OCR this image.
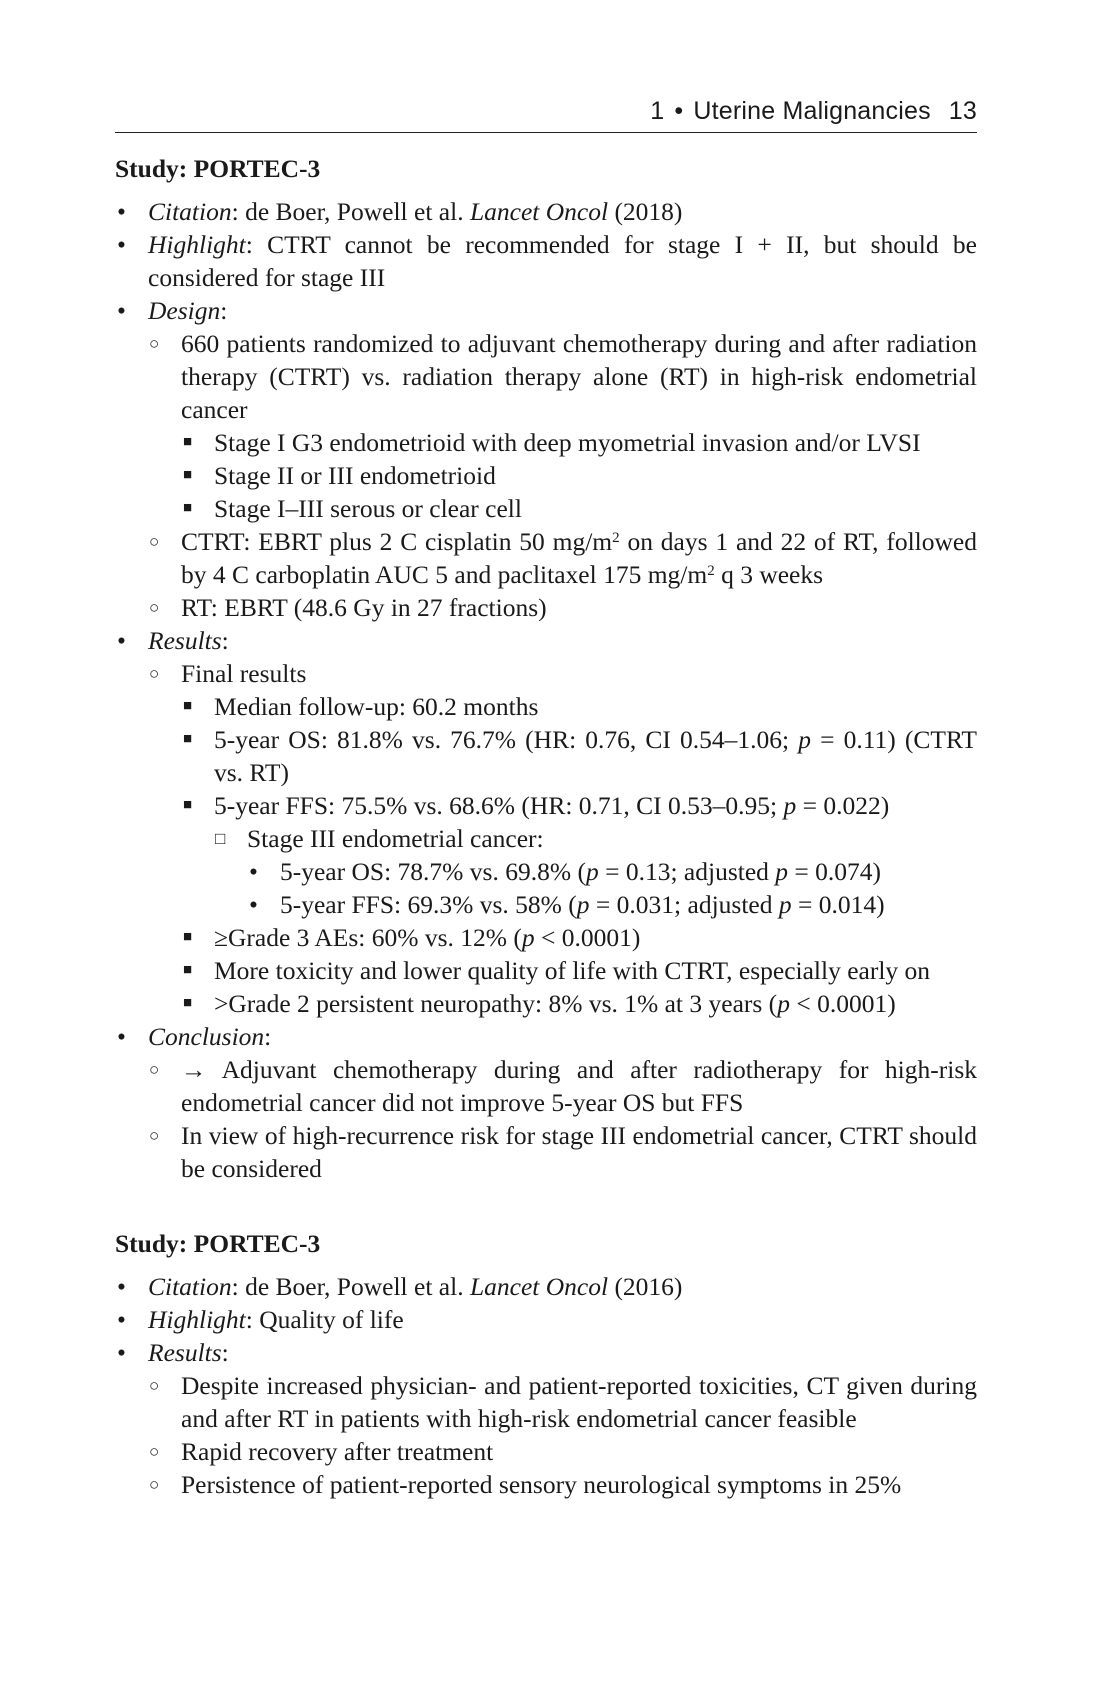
1 • Uterine Malignancies 13
Study: PORTEC-3
• Citation: de Boer, Powell et al. Lancet Oncol (2018)
• Highlight: CTRT cannot be recommended for stage I + II, but should be considered for stage III
• Design:
○ 660 patients randomized to adjuvant chemotherapy during and after radiation therapy (CTRT) vs. radiation therapy alone (RT) in high-risk endometrial cancer
■ Stage I G3 endometrioid with deep myometrial invasion and/or LVSI
■ Stage II or III endometrioid
■ Stage I–III serous or clear cell
○ CTRT: EBRT plus 2 C cisplatin 50 $mg/m^2$ on days 1 and 22 of RT, followed by 4 C carboplatin AUC 5 and paclitaxel 175 $mg/m^2$ q 3 weeks
○ RT: EBRT (48.6 Gy in 27 fractions)
• Results:
○ Final results
■ Median follow-up: 60.2 months
■ 5-year OS: 81.8% vs. 76.7% (HR: 0.76, CI 0.54–1.06; p = 0.11) (CTRT vs. RT)
■ 5-year FFS: 75.5% vs. 68.6% (HR: 0.71, CI 0.53–0.95; p = 0.022)
□ Stage III endometrial cancer:
• 5-year OS: 78.7% vs. 69.8% (p = 0.13; adjusted p = 0.074)
• 5-year FFS: 69.3% vs. 58% (p = 0.031; adjusted p = 0.014)
■ ≥Grade 3 AEs: 60% vs. 12% (p < 0.0001)
■ More toxicity and lower quality of life with CTRT, especially early on
■ >Grade 2 persistent neuropathy: 8% vs. 1% at 3 years (p < 0.0001)
• Conclusion:
○ → Adjuvant chemotherapy during and after radiotherapy for high-risk endometrial cancer did not improve 5-year OS but FFS
○ In view of high-recurrence risk for stage III endometrial cancer, CTRT should be considered
Study: PORTEC-3
• Citation: de Boer, Powell et al. Lancet Oncol (2016)
• Highlight: Quality of life
• Results:
○ Despite increased physician- and patient-reported toxicities, CT given during and after RT in patients with high-risk endometrial cancer feasible
○ Rapid recovery after treatment
○ Persistence of patient-reported sensory neurological symptoms in 25%
